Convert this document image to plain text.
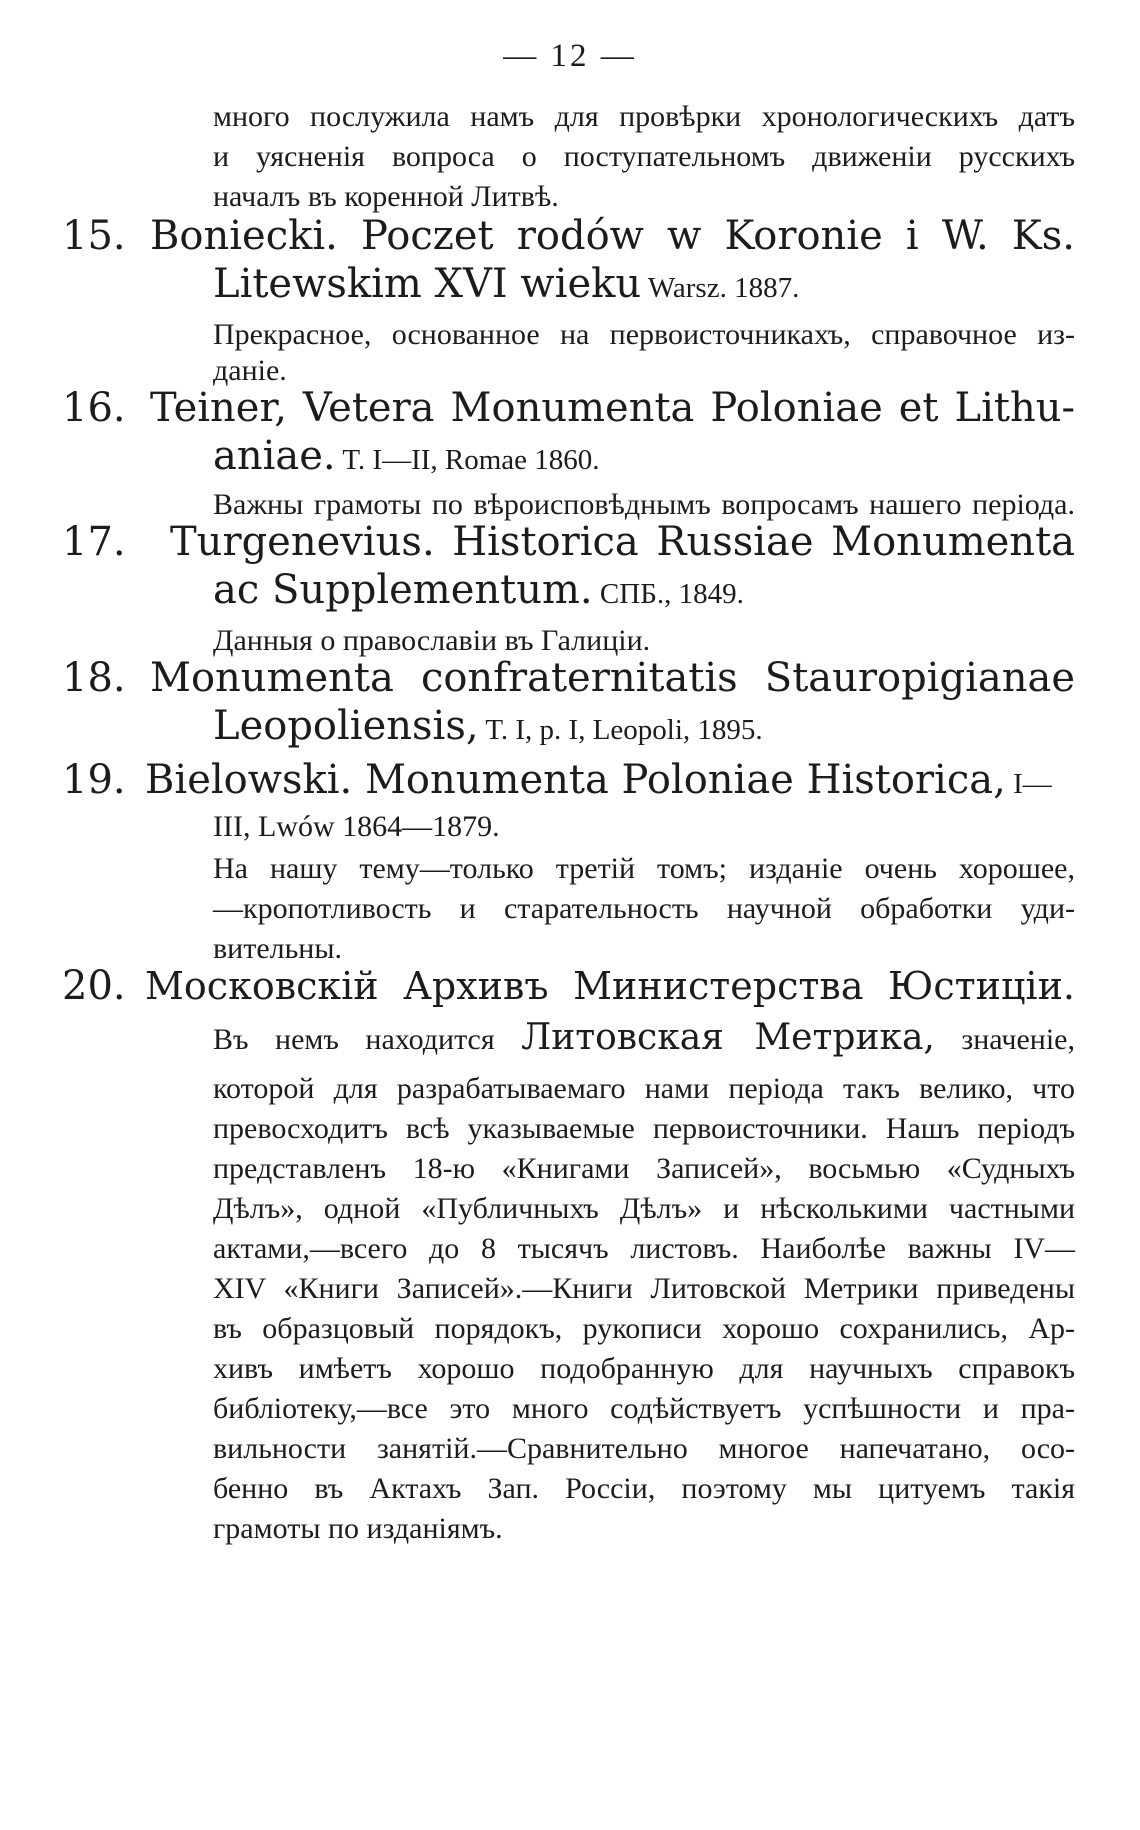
— 12 —
много послужила намъ для провѣрки хронологическихъ датъ
и уясненія вопроса о поступательномъ движеніи русскихъ
началъ въ коренной Литвѣ.
15. Boniecki. Poczet rodów w Koronie i W. Ks.
Litewskim XVI wieku Warsz. 1887.
Прекрасное, основанное на первоисточникахъ, справочное из-
даніе.
16. Teiner, Vetera Monumenta Poloniae et Lithu-
aniae. T. I—II, Romae 1860.
Важны грамоты по вѣроисповѣднымъ вопросамъ нашего періода.
17. Turgenevius. Historica Russiae Monumenta
ac Supplementum. СПБ., 1849.
Данныя о православіи въ Галиціи.
18. Monumenta confraternitatis Stauropigianae
Leopoliensis, T. I, p. I, Leopoli, 1895.
19. Bielowski. Monumenta Poloniae Historica, I—
III, Lwów 1864—1879.
На нашу тему—только третій томъ; изданіе очень хорошее,
—кропотливость и старательность научной обработки уди-
вительны.
20. Московскій Архивъ Министерства Юстиціи.
Въ немъ находится Литовская Метрика, значеніе,
которой для разрабатываемаго нами періода такъ велико, что
превосходитъ всѣ указываемые первоисточники. Нашъ періодъ
представленъ 18-ю «Книгами Записей», восьмью «Судныхъ
Дѣлъ», одной «Публичныхъ Дѣлъ» и нѣсколькими частными
актами,—всего до 8 тысячъ листовъ. Наиболѣе важны IV—
XIV «Книги Записей».—Книги Литовской Метрики приведены
въ образцовый порядокъ, рукописи хорошо сохранились, Ар-
хивъ имѣетъ хорошо подобранную для научныхъ справокъ
библіотеку,—все это много содѣйствуетъ успѣшности и пра-
вильности занятій.—Сравнительно многое напечатано, осо-
бенно въ Актахъ Зап. Россіи, поэтому мы цитуемъ такія
грамоты по изданіямъ.
